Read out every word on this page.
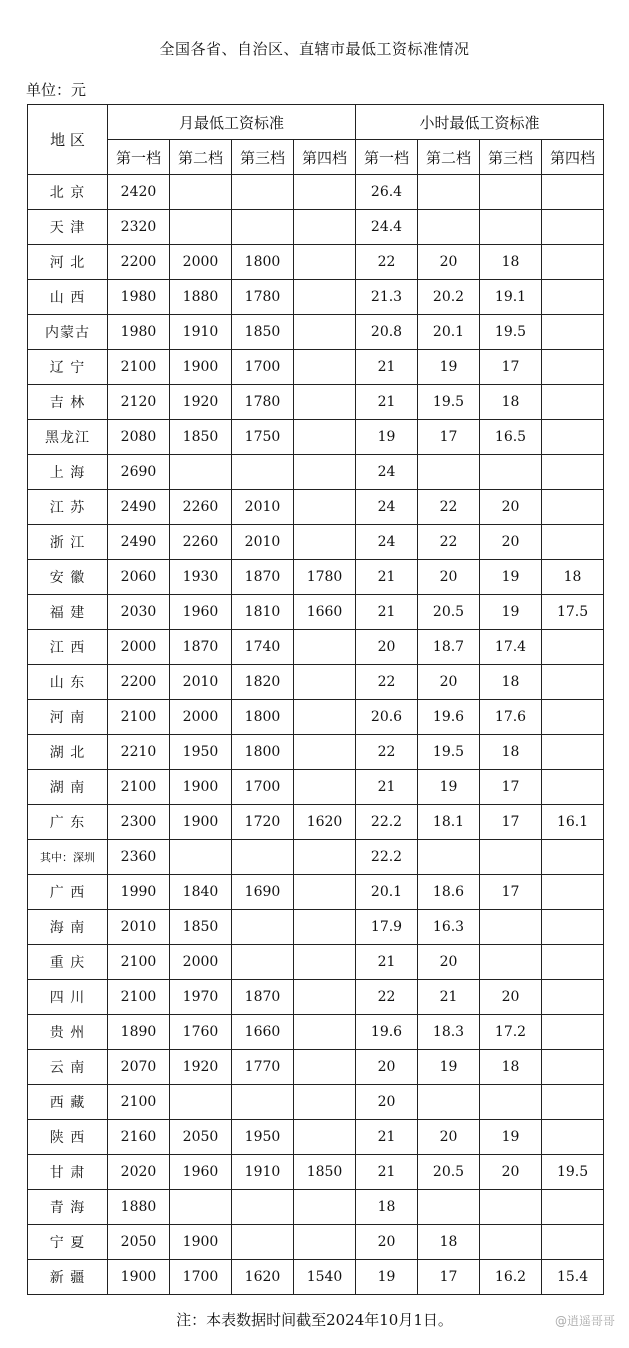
全国各省、自治区、直辖市最低工资标准情况
单位：元
地 区	月最低工资标准				小时最低工资标准			
	第一档	第二档	第三档	第四档	第一档	第二档	第三档	第四档
北 京	2420				26.4			
天 津	2320				24.4			
河 北	2200	2000	1800		22	20	18	
山 西	1980	1880	1780		21.3	20.2	19.1	
内蒙古	1980	1910	1850		20.8	20.1	19.5	
辽 宁	2100	1900	1700		21	19	17	
吉 林	2120	1920	1780		21	19.5	18	
黑龙江	2080	1850	1750		19	17	16.5	
上 海	2690				24			
江 苏	2490	2260	2010		24	22	20	
浙 江	2490	2260	2010		24	22	20	
安 徽	2060	1930	1870	1780	21	20	19	18
福 建	2030	1960	1810	1660	21	20.5	19	17.5
江 西	2000	1870	1740		20	18.7	17.4	
山 东	2200	2010	1820		22	20	18	
河 南	2100	2000	1800		20.6	19.6	17.6	
湖 北	2210	1950	1800		22	19.5	18	
湖 南	2100	1900	1700		21	19	17	
广 东	2300	1900	1720	1620	22.2	18.1	17	16.1
其中：深圳	2360				22.2			
广 西	1990	1840	1690		20.1	18.6	17	
海 南	2010	1850			17.9	16.3		
重 庆	2100	2000			21	20		
四 川	2100	1970	1870		22	21	20	
贵 州	1890	1760	1660		19.6	18.3	17.2	
云 南	2070	1920	1770		20	19	18	
西 藏	2100				20			
陕 西	2160	2050	1950		21	20	19	
甘 肃	2020	1960	1910	1850	21	20.5	20	19.5
青 海	1880				18			
宁 夏	2050	1900			20	18		
新 疆	1900	1700	1620	1540	19	17	16.2	15.4
注：本表数据时间截至2024年10月1日。	@逍遥哥哥
